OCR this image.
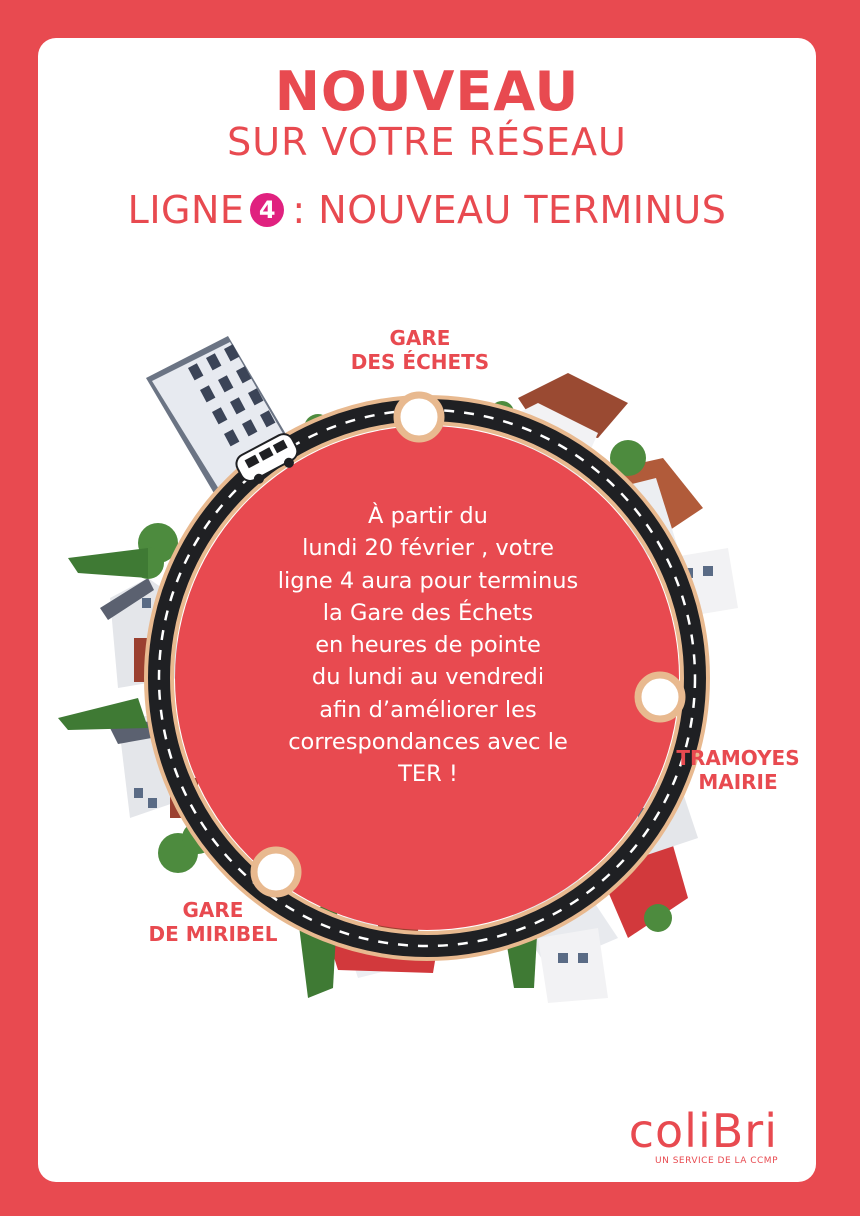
NOUVEAU
SUR VOTRE RÉSEAU
LIGNE 4 : NOUVEAU TERMINUS
GARE
DES ÉCHETS
TRAMOYES
MAIRIE
GARE
DE MIRIBEL
À partir du
lundi 20 février , votre
ligne 4 aura pour terminus
la Gare des Échets
en heures de pointe
du lundi au vendredi
afin d’améliorer les
correspondances avec le
TER !
coliBri
UN SERVICE DE LA CCMP
